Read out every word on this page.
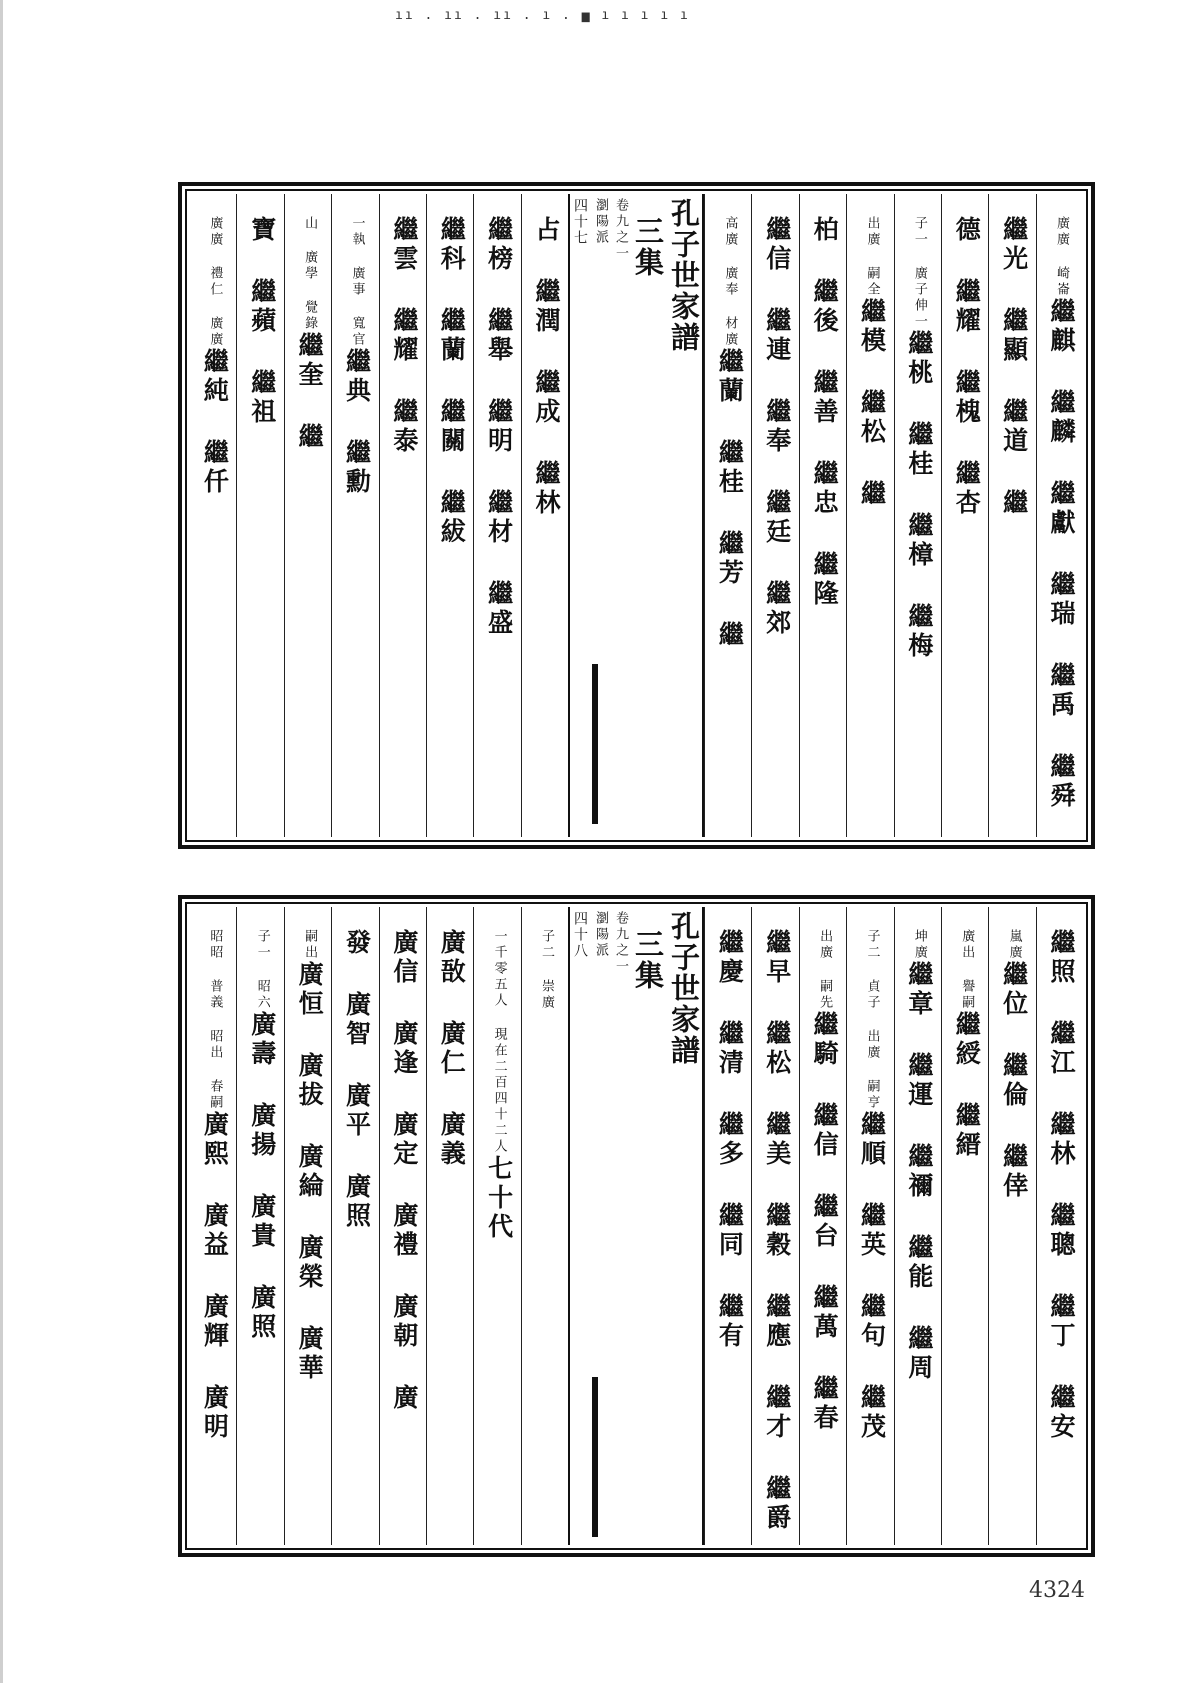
ıı . ıı . ıı . ı . ▅ ı ı ı ı ı
廣廣 崎崙繼麒 繼麟 繼獻 繼瑞 繼禹 繼舜
繼光 繼顯 繼道 繼
德 繼耀 繼槐 繼杏
子一 廣子伸一繼桃 繼桂 繼樟 繼梅
出廣 嗣全繼模 繼松 繼
柏 繼後 繼善 繼忠 繼隆
繼信 繼連 繼奉 繼廷 繼郊
高廣 廣奉 材廣繼蘭 繼桂 繼芳 繼
孔子世家譜
三集
卷九之一
瀏陽派
四十七
占 繼潤 繼成 繼林
繼榜 繼舉 繼明 繼材 繼盛
繼科 繼蘭 繼關 繼紱
繼雲 繼耀 繼泰
一執 廣事 寬官繼典 繼勳
山 廣學 覺錄繼奎 繼
寶 繼蘋 繼祖
廣廣 禮仁 廣廣繼純 繼仟
繼照 繼江 繼林 繼聰 繼丁 繼安
嵐廣繼位 繼倫 繼倖
廣出 譽嗣繼綬 繼縉
坤廣繼章 繼運 繼禰 繼能 繼周
子二 貞子 出廣 嗣亨繼順 繼英 繼句 繼茂
出廣 嗣先繼騎 繼信 繼台 繼萬 繼春
繼早 繼松 繼美 繼穀 繼應 繼才 繼爵
繼慶 繼清 繼多 繼同 繼有
孔子世家譜
三集
卷九之一
瀏陽派
四十八
子二 崇廣
一千零五人 現在二百四十二人七十代
廣敔 廣仁 廣義
廣信 廣逢 廣定 廣禮 廣朝 廣
發 廣智 廣平 廣照
嗣出廣恒 廣拔 廣綸 廣榮 廣華
子一 昭六廣壽 廣揚 廣貴 廣照
昭昭 普義 昭出 春嗣廣熙 廣益 廣輝 廣明
4324
